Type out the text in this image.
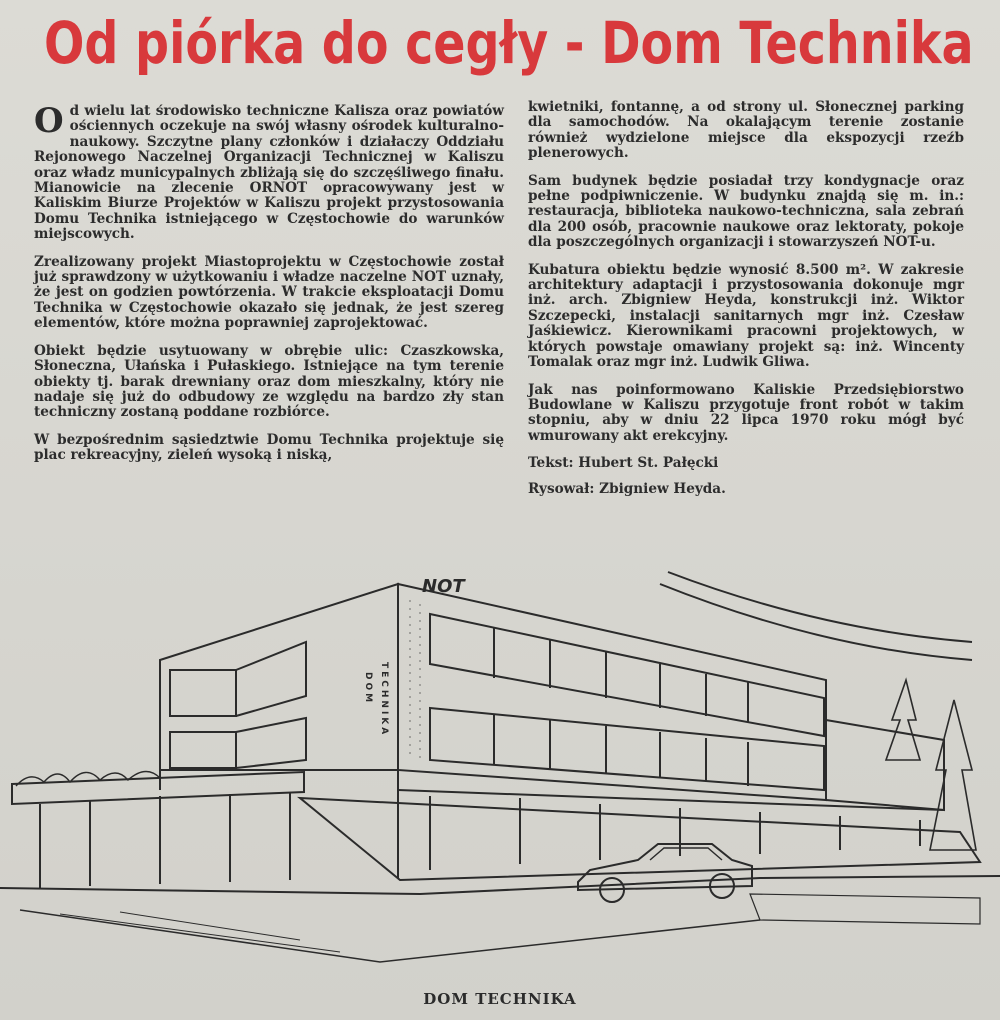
Od piórka do cegły - Dom Technika

Od wielu lat środowisko techniczne Kalisza oraz powiatów ościennych oczekuje na swój własny ośrodek kulturalno-naukowy. Szczytne plany członków i działaczy Oddziału Rejonowego Naczelnej Organizacji Technicznej w Kaliszu oraz władz municypalnych zbliżają się do szczęśliwego finału. Mianowicie na zlecenie ORNOT opracowywany jest w Kaliskim Biurze Projektów w Kaliszu projekt przystosowania Domu Technika istniejącego w Częstochowie do warunków miejscowych.

Zrealizowany projekt Miastoprojektu w Częstochowie został już sprawdzony w użytkowaniu i władze naczelne NOT uznały, że jest on godzien powtórzenia. W trakcie eksploatacji Domu Technika w Częstochowie okazało się jednak, że jest szereg elementów, które można poprawniej zaprojektować.

Obiekt będzie usytuowany w obrębie ulic: Czaszkowska, Słoneczna, Ułańska i Pułaskiego. Istniejące na tym terenie obiekty tj. barak drewniany oraz dom mieszkalny, który nie nadaje się już do odbudowy ze względu na bardzo zły stan techniczny zostaną poddane rozbiórce.

W bezpośrednim sąsiedztwie Domu Technika projektuje się plac rekreacyjny, zieleń wysoką i niską,

kwietniki, fontannę, a od strony ul. Słonecznej parking dla samochodów. Na okalającym terenie zostanie również wydzielone miejsce dla ekspozycji rzeźb plenerowych.

Sam budynek będzie posiadał trzy kondygnacje oraz pełne podpiwniczenie. W budynku znajdą się m. in.: restauracja, biblioteka naukowo-techniczna, sala zebrań dla 200 osób, pracownie naukowe oraz lektoraty, pokoje dla poszczególnych organizacji i stowarzyszeń NOT-u.

Kubatura obiektu będzie wynosić 8.500 m². W zakresie architektury adaptacji i przystosowania dokonuje mgr inż. arch. Zbigniew Heyda, konstrukcji inż. Wiktor Szczepecki, instalacji sanitarnych mgr inż. Czesław Jaśkiewicz. Kierownikami pracowni projektowych, w których powstaje omawiany projekt są: inż. Wincenty Tomalak oraz mgr inż. Ludwik Gliwa.

Jak nas poinformowano Kaliskie Przedsiębiorstwo Budowlane w Kaliszu przygotuje front robót w takim stopniu, aby w dniu 22 lipca 1970 roku mógł być wmurowany akt erekcyjny.

Tekst: Hubert St. Pałęcki

Rysował: Zbigniew Heyda.

NOT
DOM TECHNIKA
DOM TECHNIKA
